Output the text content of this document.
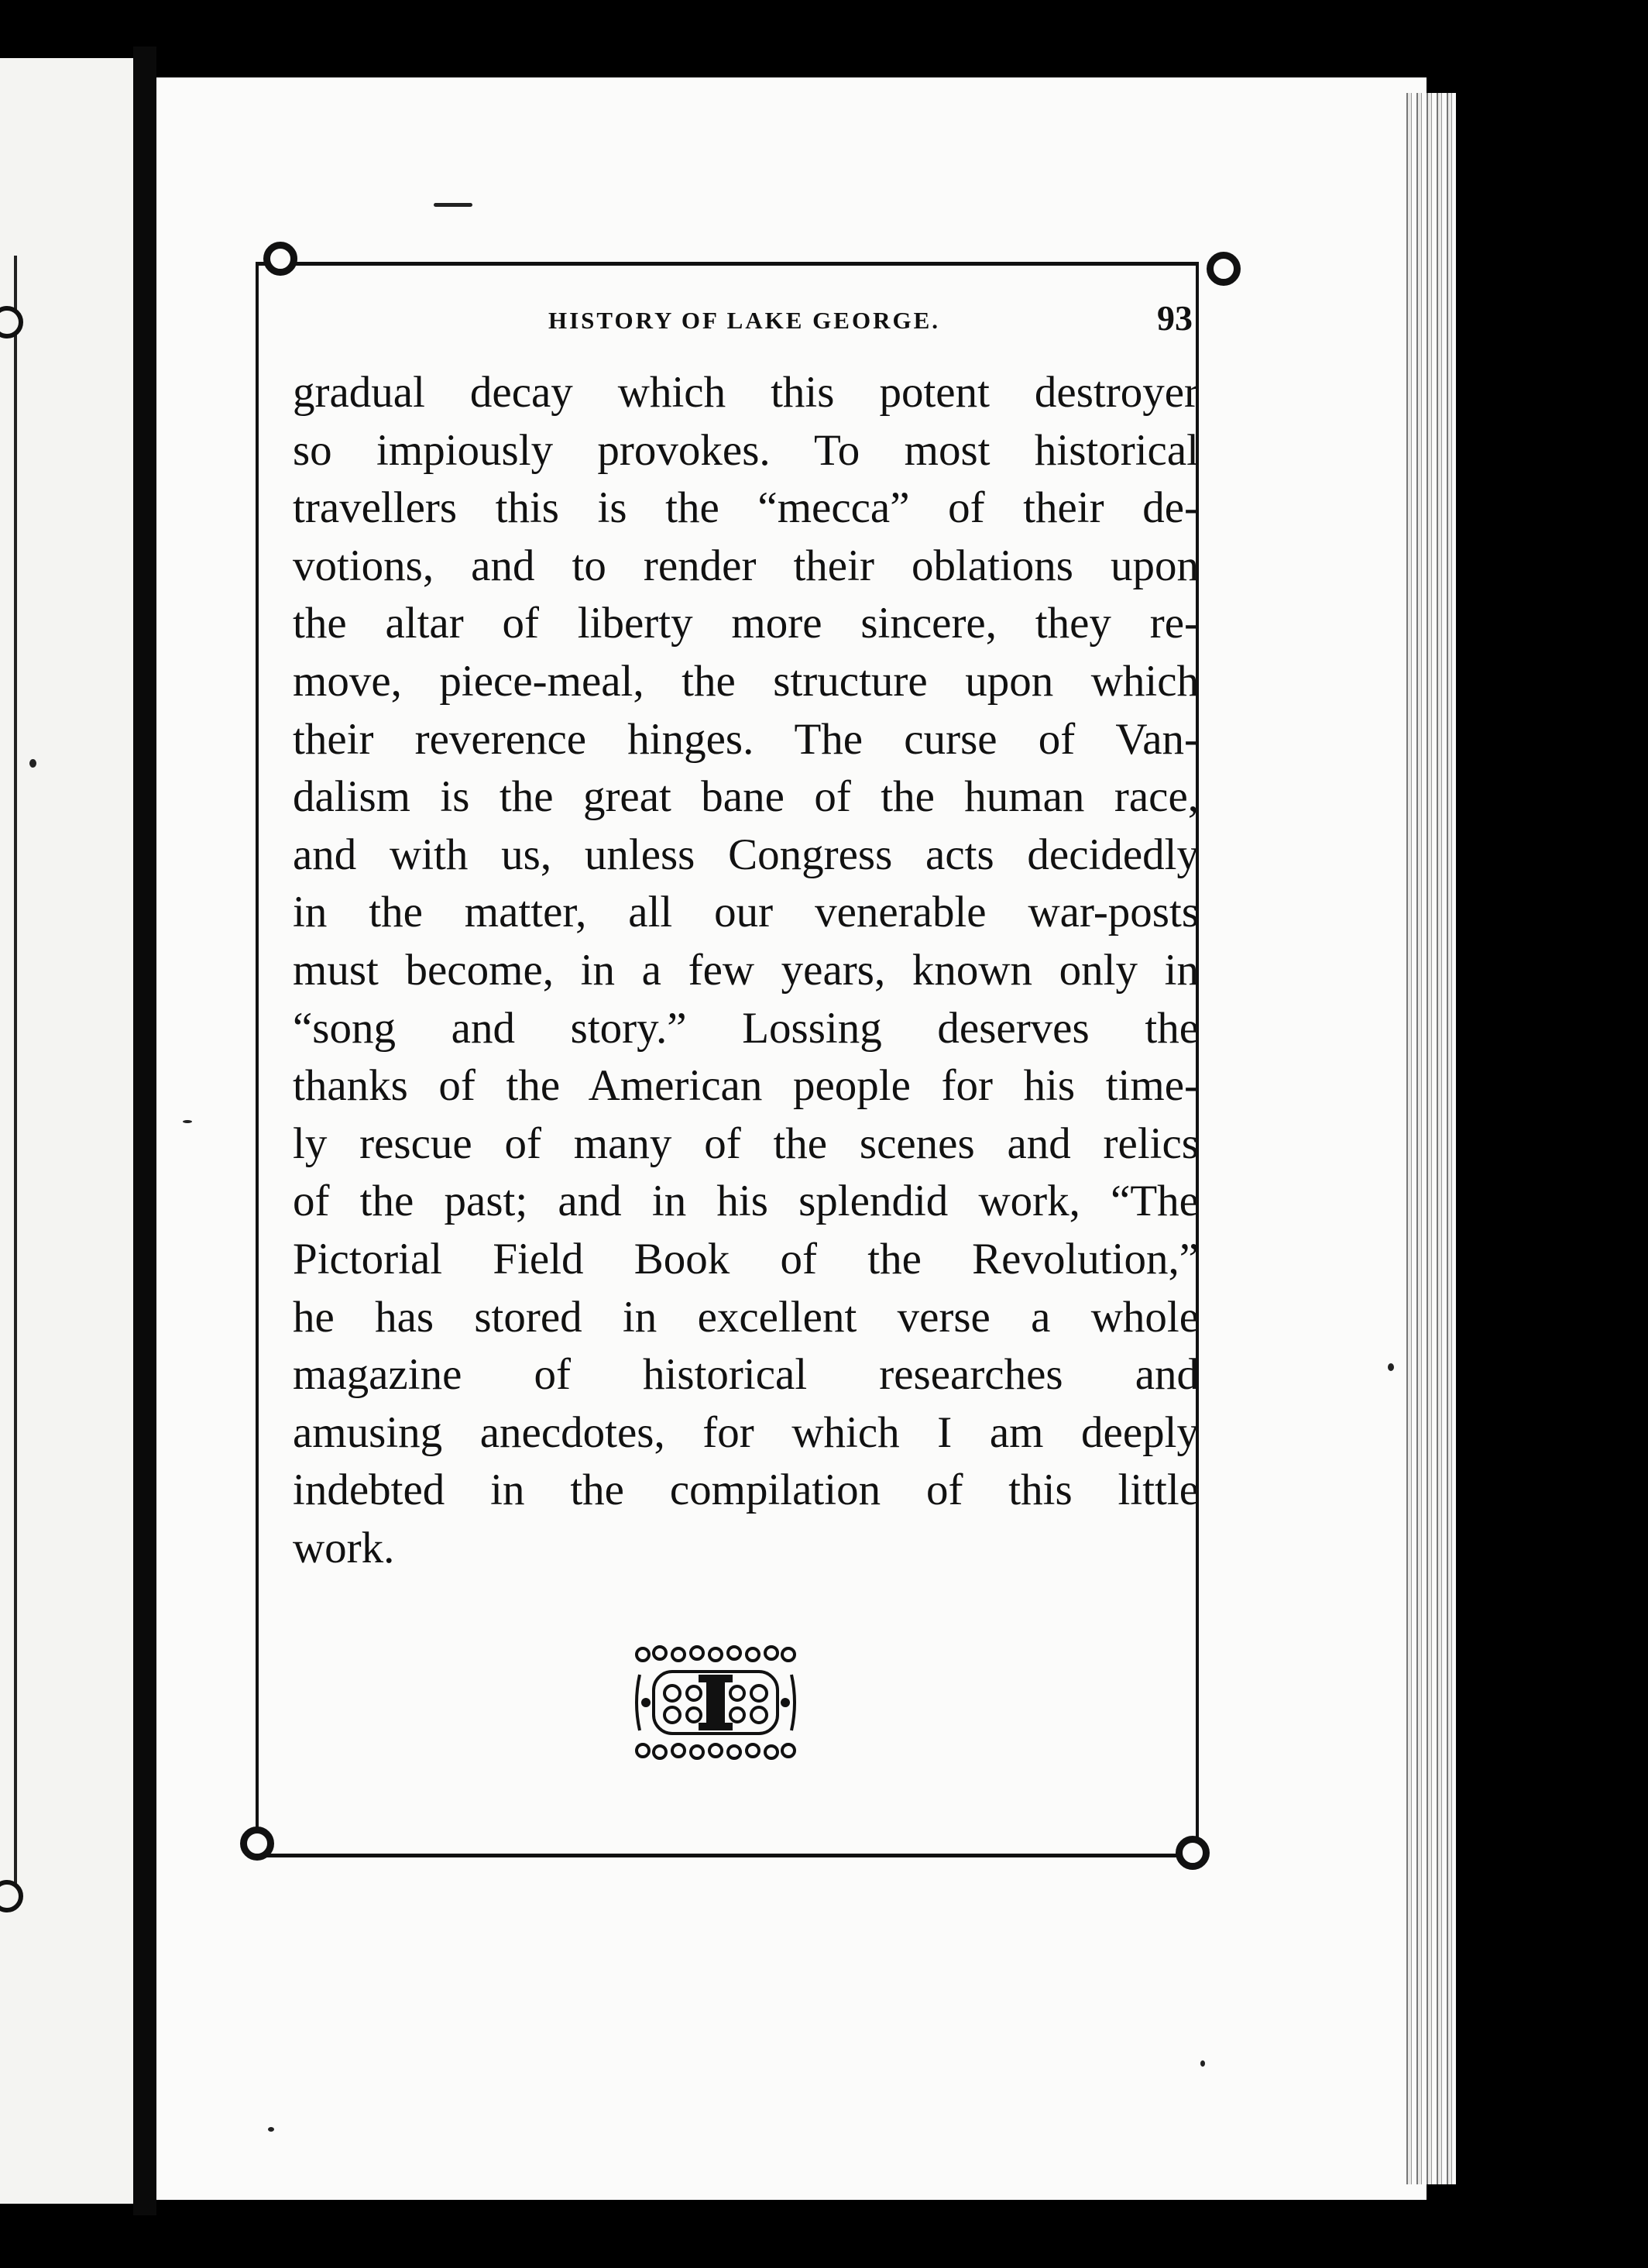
HISTORY OF LAKE GEORGE.	93
gradual decay which this potent destroyer
so impiously provokes. To most historical
travellers this is the “mecca” of their de-
votions, and to render their oblations upon
the altar of liberty more sincere, they re-
move, piece-meal, the structure upon which
their reverence hinges. The curse of Van-
dalism is the great bane of the human race,
and with us, unless Congress acts decidedly
in the matter, all our venerable war-posts
must become, in a few years, known only in
“song and story.” Lossing deserves the
thanks of the American people for his time-
ly rescue of many of the scenes and relics
of the past; and in his splendid work, “The
Pictorial Field Book of the Revolution,”
he has stored in excellent verse a whole
magazine of historical researches and
amusing anecdotes, for which I am deeply
indebted in the compilation of this little
work.
